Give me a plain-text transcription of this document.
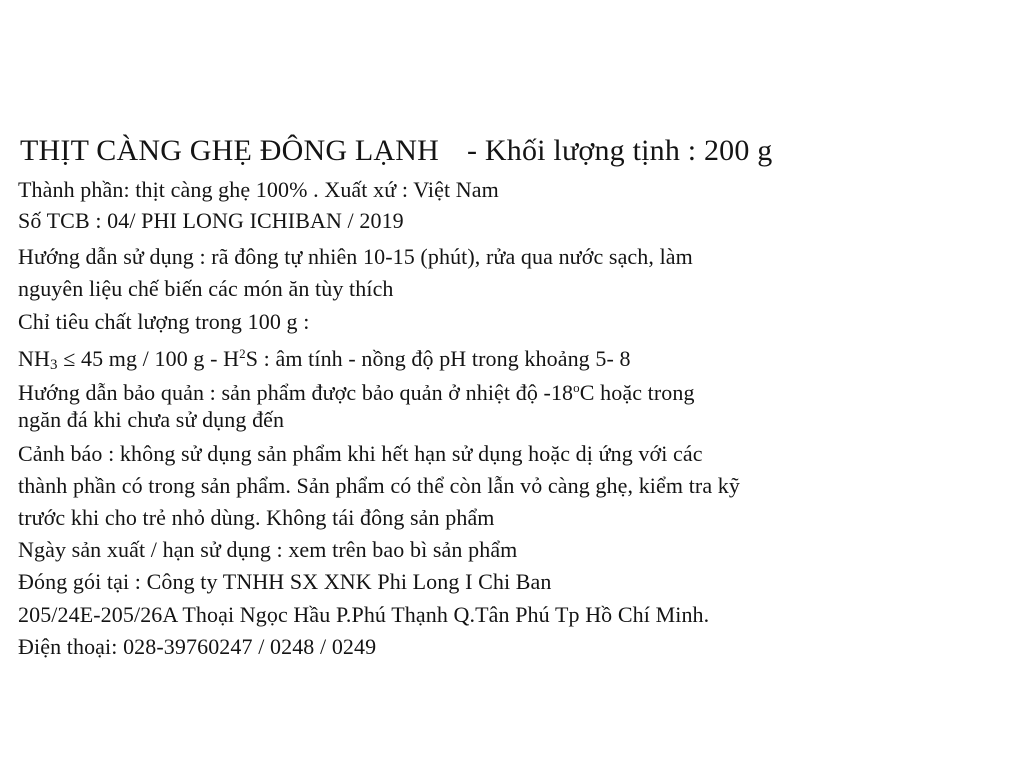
THỊT CÀNG GHẸ ĐÔNG LẠNH - Khối lượng tịnh : 200 g
Thành phần: thịt càng ghẹ 100% . Xuất xứ : Việt Nam
Số TCB : 04/ PHI LONG ICHIBAN / 2019
Hướng dẫn sử dụng : rã đông tự nhiên 10-15 (phút), rửa qua nước sạch, làm
nguyên liệu chế biến các món ăn tùy thích
Chỉ tiêu chất lượng trong 100 g :
$NH_3 \le 45$ mg / 100 g - $H^2S$ : âm tính - nồng độ pH trong khoảng 5- 8
Hướng dẫn bảo quản : sản phẩm được bảo quản ở nhiệt độ -18$^o$C hoặc trong
ngăn đá khi chưa sử dụng đến
Cảnh báo : không sử dụng sản phẩm khi hết hạn sử dụng hoặc dị ứng với các
thành phần có trong sản phẩm. Sản phẩm có thể còn lẫn vỏ càng ghẹ, kiểm tra kỹ
trước khi cho trẻ nhỏ dùng. Không tái đông sản phẩm
Ngày sản xuất / hạn sử dụng : xem trên bao bì sản phẩm
Đóng gói tại : Công ty TNHH SX XNK Phi Long I Chi Ban
205/24E-205/26A Thoại Ngọc Hầu P.Phú Thạnh Q.Tân Phú Tp Hồ Chí Minh.
Điện thoại: 028-39760247 / 0248 / 0249
